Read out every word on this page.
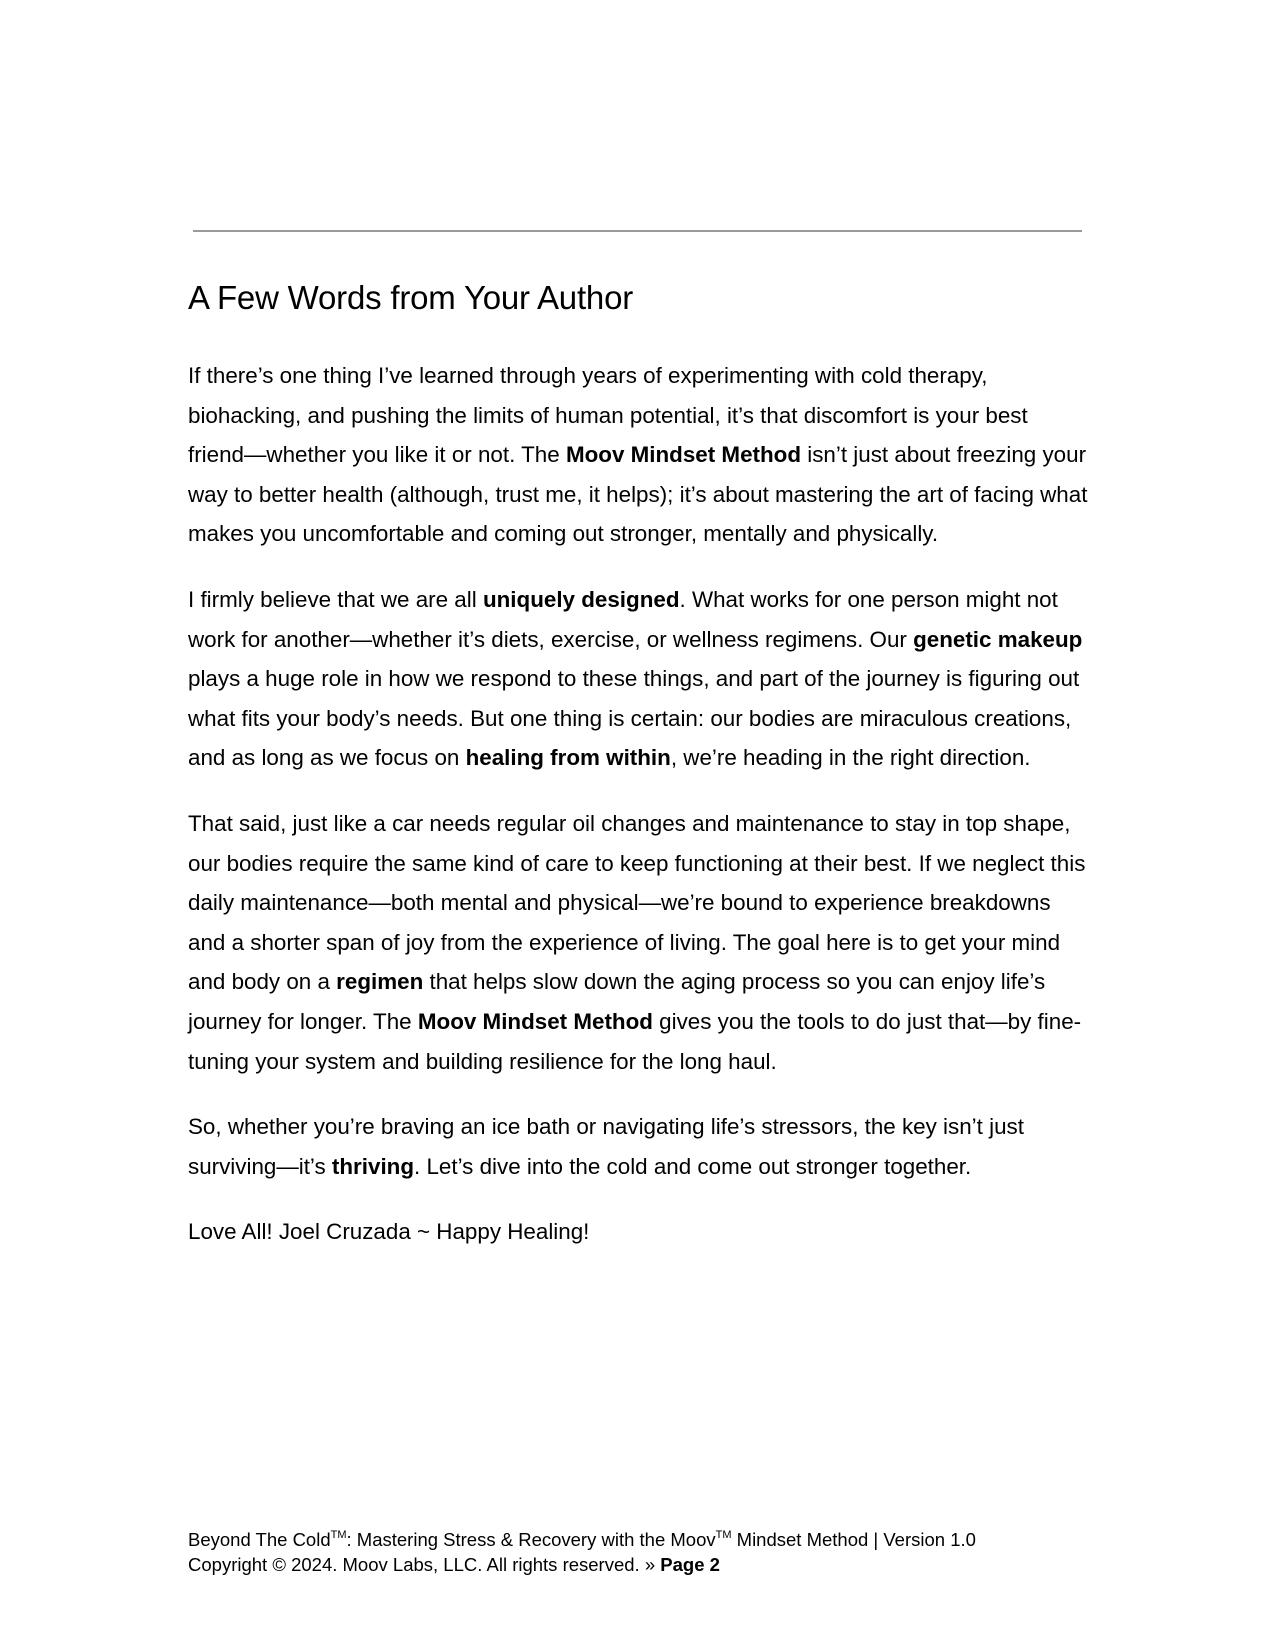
A Few Words from Your Author

If there’s one thing I’ve learned through years of experimenting with cold therapy, biohacking, and pushing the limits of human potential, it’s that discomfort is your best friend—whether you like it or not. The Moov Mindset Method isn’t just about freezing your way to better health (although, trust me, it helps); it’s about mastering the art of facing what makes you uncomfortable and coming out stronger, mentally and physically.

I firmly believe that we are all uniquely designed. What works for one person might not work for another—whether it’s diets, exercise, or wellness regimens. Our genetic makeup plays a huge role in how we respond to these things, and part of the journey is figuring out what fits your body’s needs. But one thing is certain: our bodies are miraculous creations, and as long as we focus on healing from within, we’re heading in the right direction.

That said, just like a car needs regular oil changes and maintenance to stay in top shape, our bodies require the same kind of care to keep functioning at their best. If we neglect this daily maintenance—both mental and physical—we’re bound to experience breakdowns and a shorter span of joy from the experience of living. The goal here is to get your mind and body on a regimen that helps slow down the aging process so you can enjoy life’s journey for longer. The Moov Mindset Method gives you the tools to do just that—by fine-tuning your system and building resilience for the long haul.

So, whether you’re braving an ice bath or navigating life’s stressors, the key isn’t just surviving—it’s thriving. Let’s dive into the cold and come out stronger together.

Love All! Joel Cruzada ~ Happy Healing!

Beyond The Cold™: Mastering Stress & Recovery with the Moov™ Mindset Method | Version 1.0
Copyright © 2024. Moov Labs, LLC. All rights reserved. » Page 2
